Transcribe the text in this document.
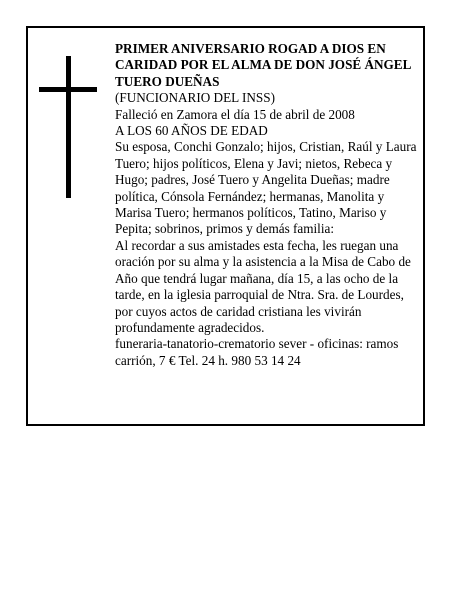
PRIMER ANIVERSARIO ROGAD A DIOS EN CARIDAD POR EL ALMA DE DON JOSÉ ÁNGEL TUERO DUEÑAS

(FUNCIONARIO DEL INSS)

Falleció en Zamora el día 15 de abril de 2008

A LOS 60 AÑOS DE EDAD

Su esposa, Conchi Gonzalo; hijos, Cristian, Raúl y Laura Tuero; hijos políticos, Elena y Javi; nietos, Rebeca y Hugo; padres, José Tuero y Angelita Dueñas; madre política, Cónsola Fernández; hermanas, Manolita y Marisa Tuero; hermanos políticos, Tatino, Mariso y Pepita; sobrinos, primos y demás familia:

Al recordar a sus amistades esta fecha, les ruegan una oración por su alma y la asistencia a la Misa de Cabo de Año que tendrá lugar mañana, día 15, a las ocho de la tarde, en la iglesia parroquial de Ntra. Sra. de Lourdes, por cuyos actos de caridad cristiana les vivirán profundamente agradecidos.

funeraria-tanatorio-crematorio sever - oficinas: ramos carrión, 7 € Tel. 24 h. 980 53 14 24
